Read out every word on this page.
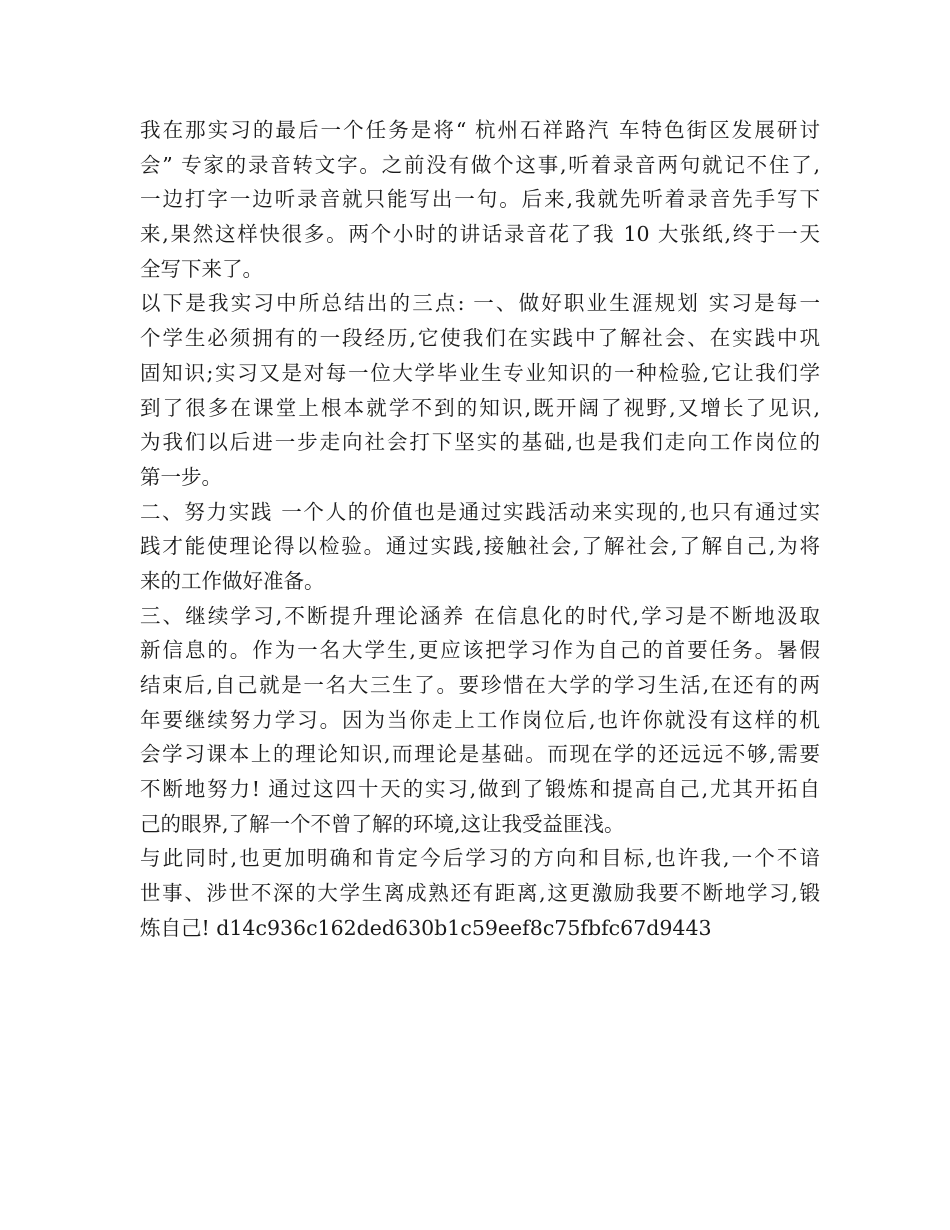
我在那实习的最后一个任务是将“ 杭州石祥路汽 车特色街区发展研讨
会” 专家的录音转文字。之前没有做个这事,听着录音两句就记不住了,
一边打字一边听录音就只能写出一句。后来,我就先听着录音先手写下
来,果然这样快很多。两个小时的讲话录音花了我 10 大张纸,终于一天
全写下来了。
以下是我实习中所总结出的三点: 一、做好职业生涯规划 实习是每一
个学生必须拥有的一段经历,它使我们在实践中了解社会、在实践中巩
固知识;实习又是对每一位大学毕业生专业知识的一种检验,它让我们学
到了很多在课堂上根本就学不到的知识,既开阔了视野,又增长了见识,
为我们以后进一步走向社会打下坚实的基础,也是我们走向工作岗位的
第一步。
二、努力实践 一个人的价值也是通过实践活动来实现的,也只有通过实
践才能使理论得以检验。通过实践,接触社会,了解社会,了解自己,为将
来的工作做好准备。
三、继续学习,不断提升理论涵养 在信息化的时代,学习是不断地汲取
新信息的。作为一名大学生,更应该把学习作为自己的首要任务。暑假
结束后,自己就是一名大三生了。要珍惜在大学的学习生活,在还有的两
年要继续努力学习。因为当你走上工作岗位后,也许你就没有这样的机
会学习课本上的理论知识,而理论是基础。而现在学的还远远不够,需要
不断地努力! 通过这四十天的实习,做到了锻炼和提高自己,尤其开拓自
己的眼界,了解一个不曾了解的环境,这让我受益匪浅。
与此同时,也更加明确和肯定今后学习的方向和目标,也许我,一个不谙
世事、涉世不深的大学生离成熟还有距离,这更激励我要不断地学习,锻
炼自己! d14c936c162ded630b1c59eef8c75fbfc67d9443
